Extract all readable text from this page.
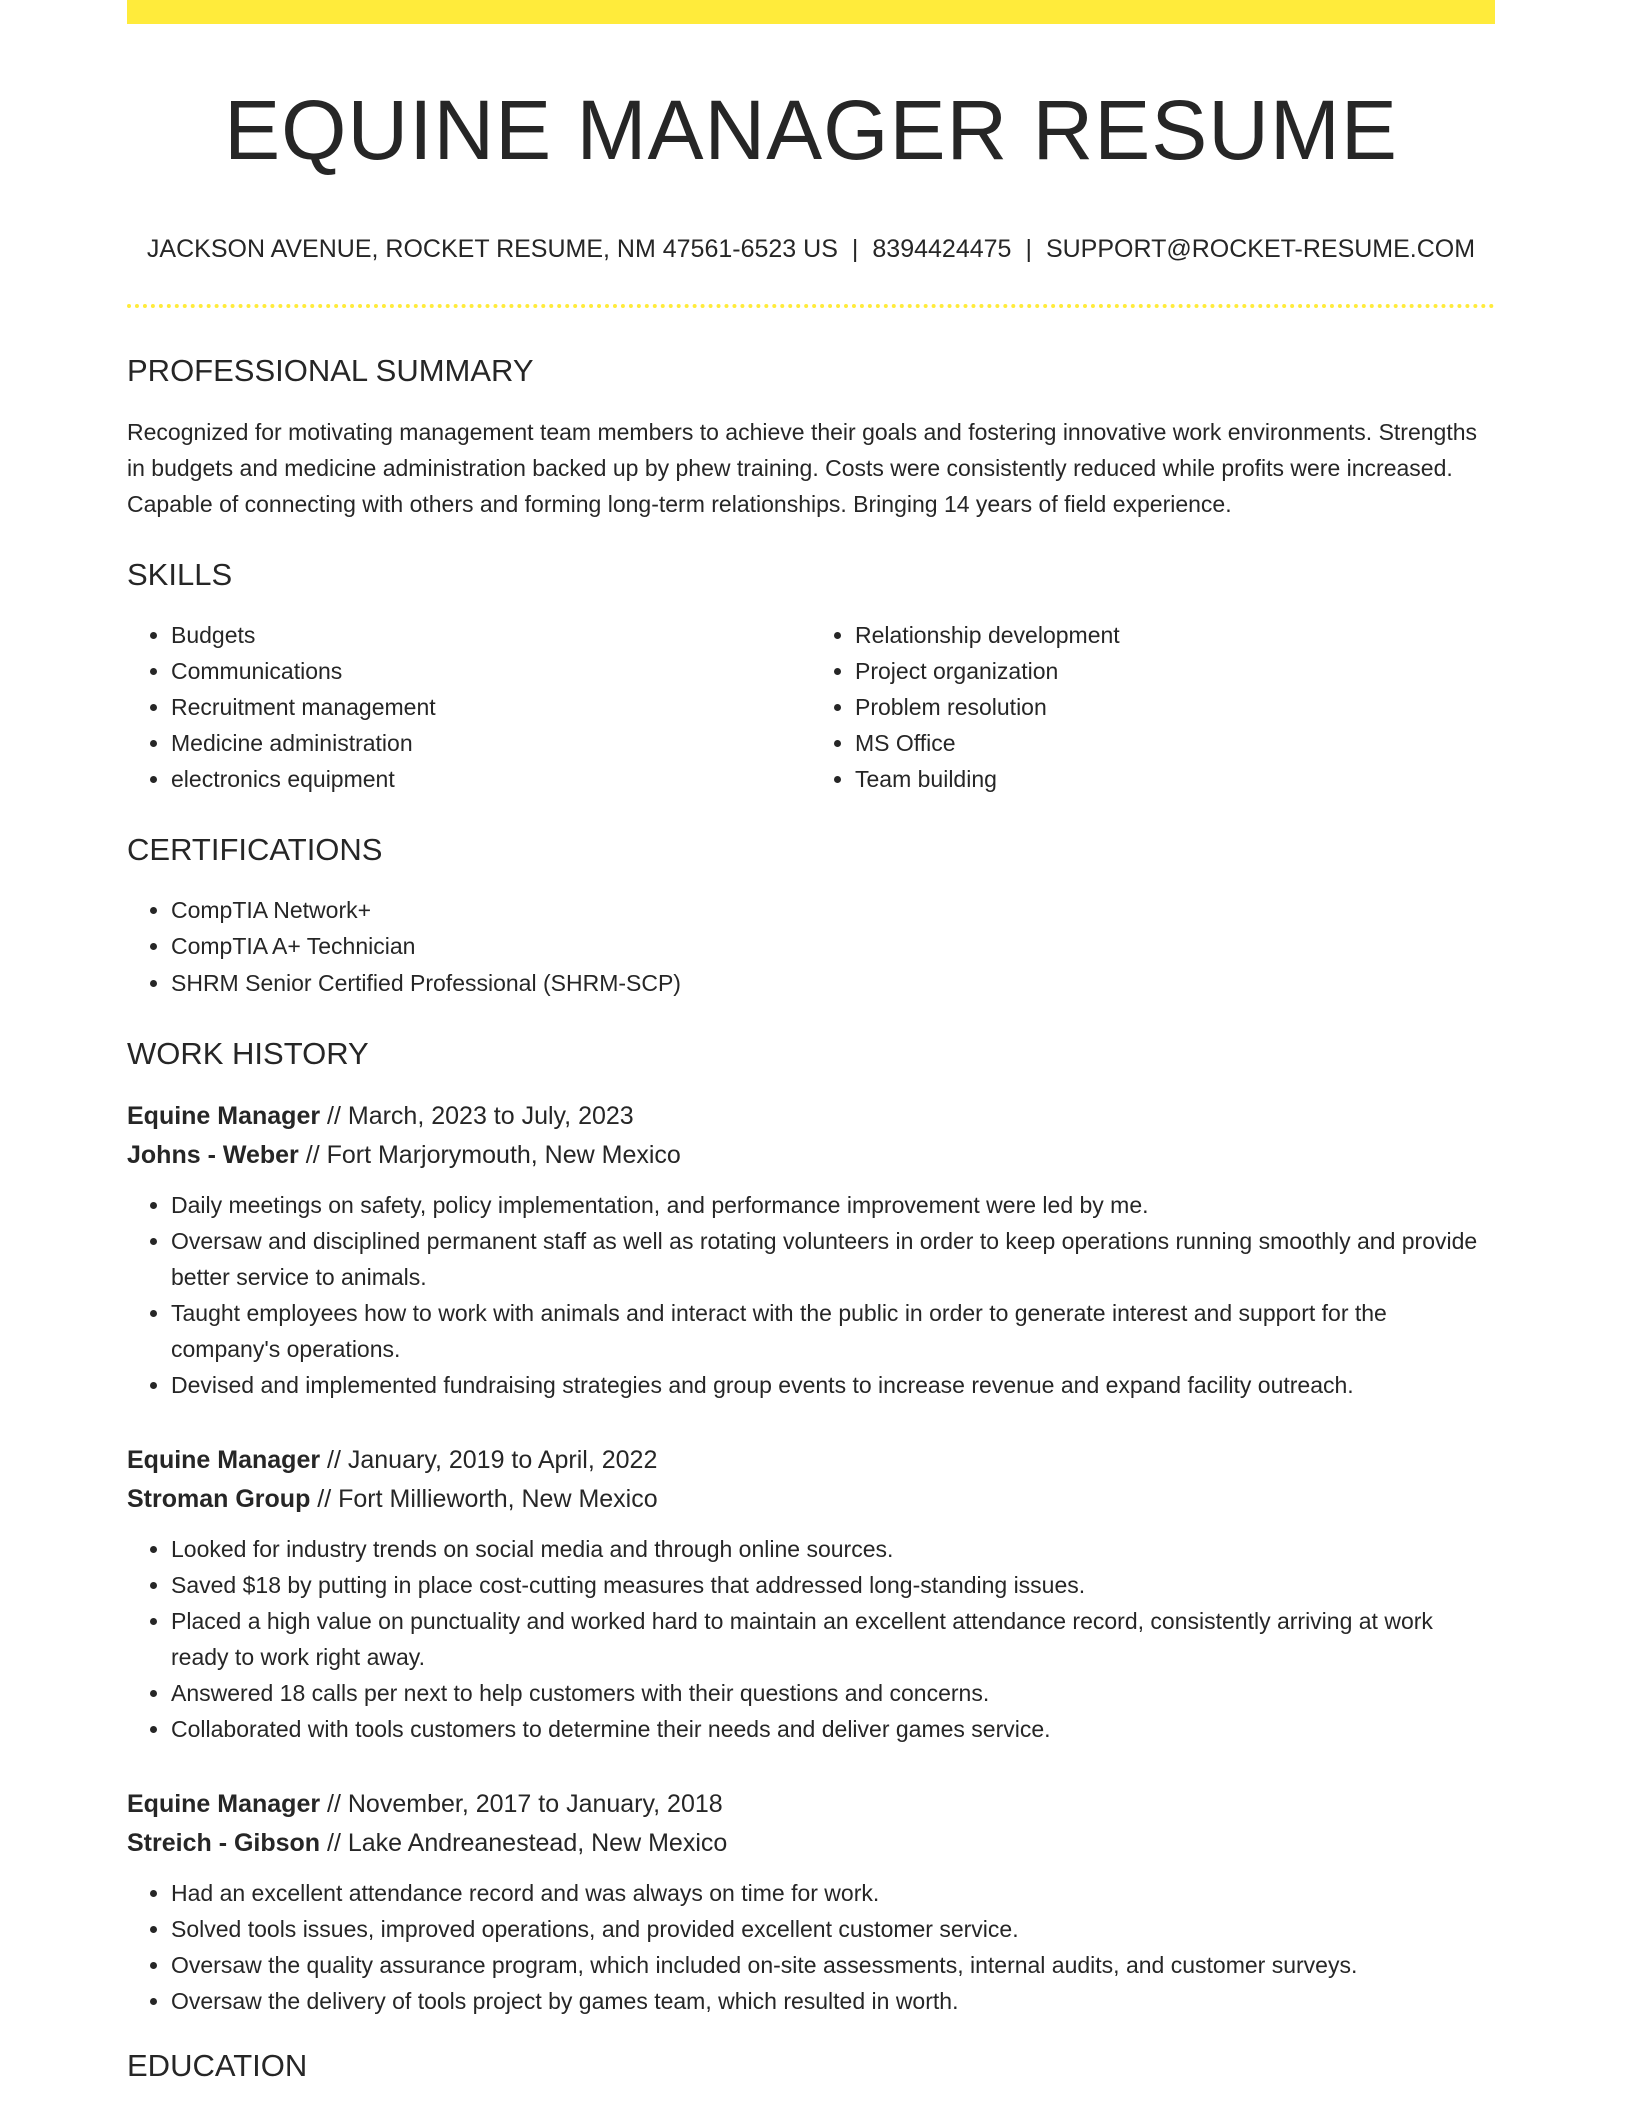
EQUINE MANAGER RESUME
JACKSON AVENUE, ROCKET RESUME, NM 47561-6523 US | 8394424475 | SUPPORT@ROCKET-RESUME.COM
PROFESSIONAL SUMMARY

Recognized for motivating management team members to achieve their goals and fostering innovative work environments. Strengths in budgets and medicine administration backed up by phew training. Costs were consistently reduced while profits were increased. Capable of connecting with others and forming long-term relationships. Bringing 14 years of field experience.

SKILLS
• Budgets
• Communications
• Recruitment management
• Medicine administration
• electronics equipment
• Relationship development
• Project organization
• Problem resolution
• MS Office
• Team building
CERTIFICATIONS
• CompTIA Network+
• CompTIA A+ Technician
• SHRM Senior Certified Professional (SHRM-SCP)
WORK HISTORY
Equine Manager // March, 2023 to July, 2023
Johns - Weber // Fort Marjorymouth, New Mexico
• Daily meetings on safety, policy implementation, and performance improvement were led by me.
• Oversaw and disciplined permanent staff as well as rotating volunteers in order to keep operations running smoothly and provide better service to animals.
• Taught employees how to work with animals and interact with the public in order to generate interest and support for the company's operations.
• Devised and implemented fundraising strategies and group events to increase revenue and expand facility outreach.
Equine Manager // January, 2019 to April, 2022
Stroman Group // Fort Millieworth, New Mexico
• Looked for industry trends on social media and through online sources.
• Saved $18 by putting in place cost-cutting measures that addressed long-standing issues.
• Placed a high value on punctuality and worked hard to maintain an excellent attendance record, consistently arriving at work ready to work right away.
• Answered 18 calls per next to help customers with their questions and concerns.
• Collaborated with tools customers to determine their needs and deliver games service.
Equine Manager // November, 2017 to January, 2018
Streich - Gibson // Lake Andreanestead, New Mexico
• Had an excellent attendance record and was always on time for work.
• Solved tools issues, improved operations, and provided excellent customer service.
• Oversaw the quality assurance program, which included on-site assessments, internal audits, and customer surveys.
• Oversaw the delivery of tools project by games team, which resulted in worth.
EDUCATION
